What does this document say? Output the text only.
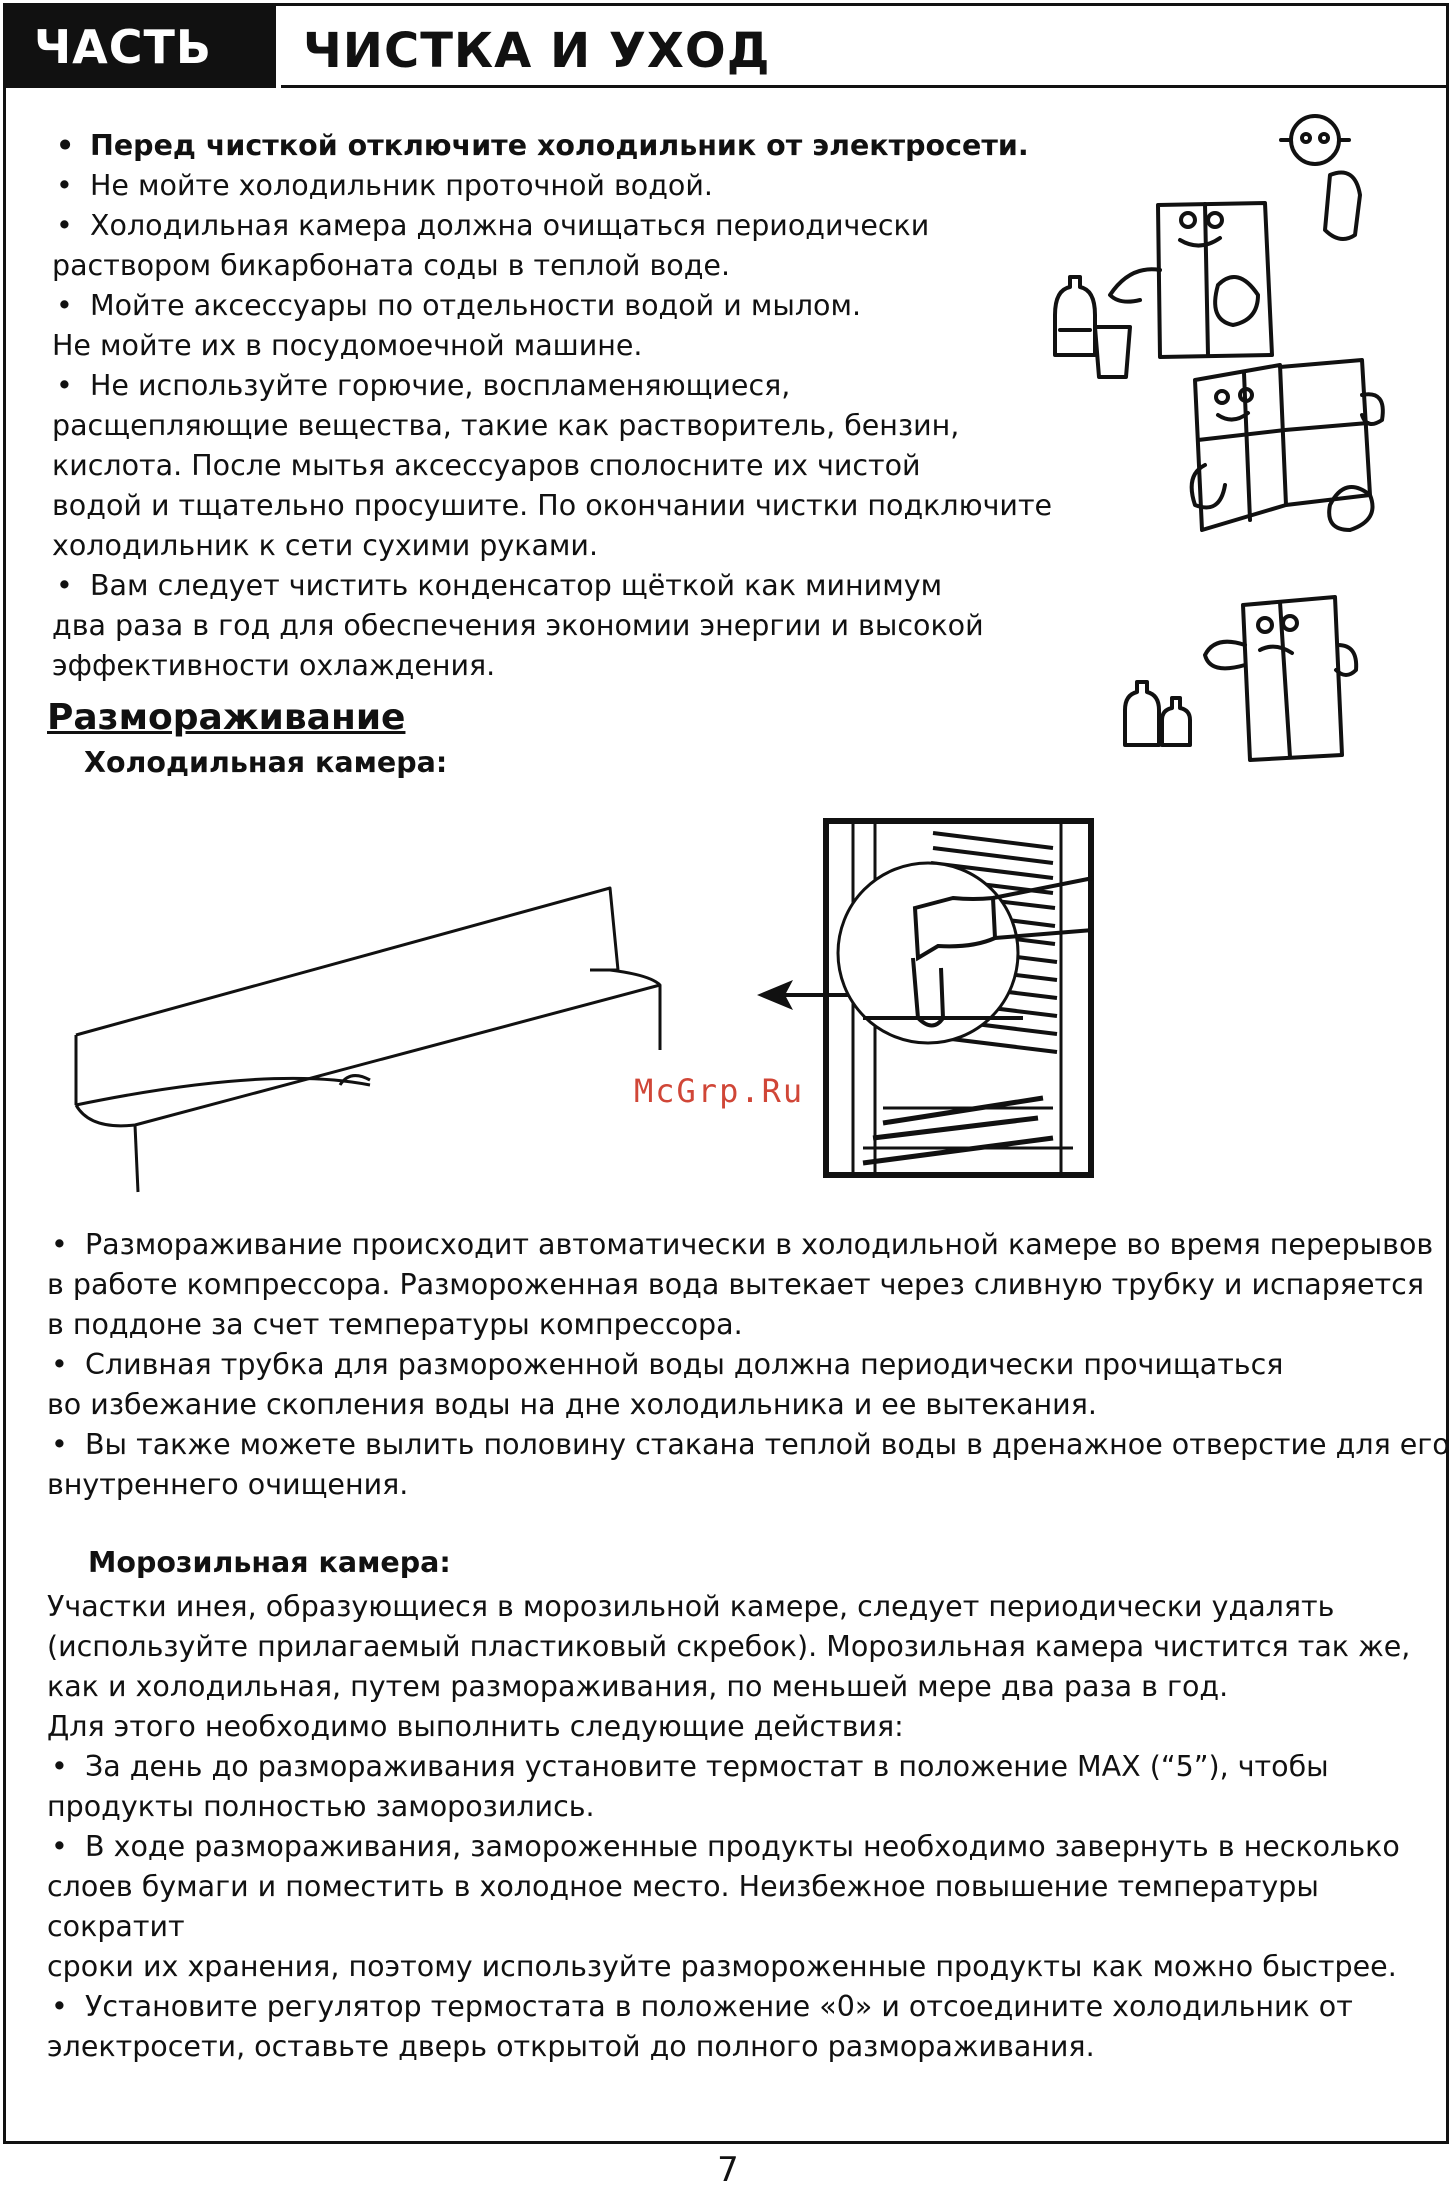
ЧАСТЬ 4.
ЧИСТКА И УХОД

• Перед чисткой отключите холодильник от электросети.

• Не мойте холодильник проточной водой.

• Холодильная камера должна очищаться периодически

раствором бикарбоната соды в теплой воде.

• Мойте аксессуары по отдельности водой и мылом.

Не мойте их в посудомоечной машине.

• Не используйте горючие, воспламеняющиеся,

расщепляющие вещества, такие как растворитель, бензин,

кислота. После мытья аксессуаров сполосните их чистой

водой и тщательно просушите. По окончании чистки подключите

холодильник к сети сухими руками.

• Вам следует чистить конденсатор щёткой как минимум

два раза в год для обеспечения экономии энергии и высокой

эффективности охлаждения.

Размораживание
Холодильная камера:
McGrp.Ru

• Размораживание происходит автоматически в холодильной камере во время перерывов

в работе компрессора. Размороженная вода вытекает через сливную трубку и испаряется

в поддоне за счет температуры компрессора.

• Сливная трубка для размороженной воды должна периодически прочищаться

во избежание скопления воды на дне холодильника и ее вытекания.

• Вы также можете вылить половину стакана теплой воды в дренажное отверстие для его

внутреннего очищения.

Морозильная камера:

Участки инея, образующиеся в морозильной камере, следует периодически удалять

(используйте прилагаемый пластиковый скребок). Морозильная камера чистится так же,

как и холодильная, путем размораживания, по меньшей мере два раза в год.

Для этого необходимо выполнить следующие действия:

• За день до размораживания установите термостат в положение MAX (“5”), чтобы

продукты полностью заморозились.

• В ходе размораживания, замороженные продукты необходимо завернуть в несколько

слоев бумаги и поместить в холодное место. Неизбежное повышение температуры сократит

сроки их хранения, поэтому используйте размороженные продукты как можно быстрее.

• Установите регулятор термостата в положение «0» и отсоедините холодильник от

электросети, оставьте дверь открытой до полного размораживания.

7
